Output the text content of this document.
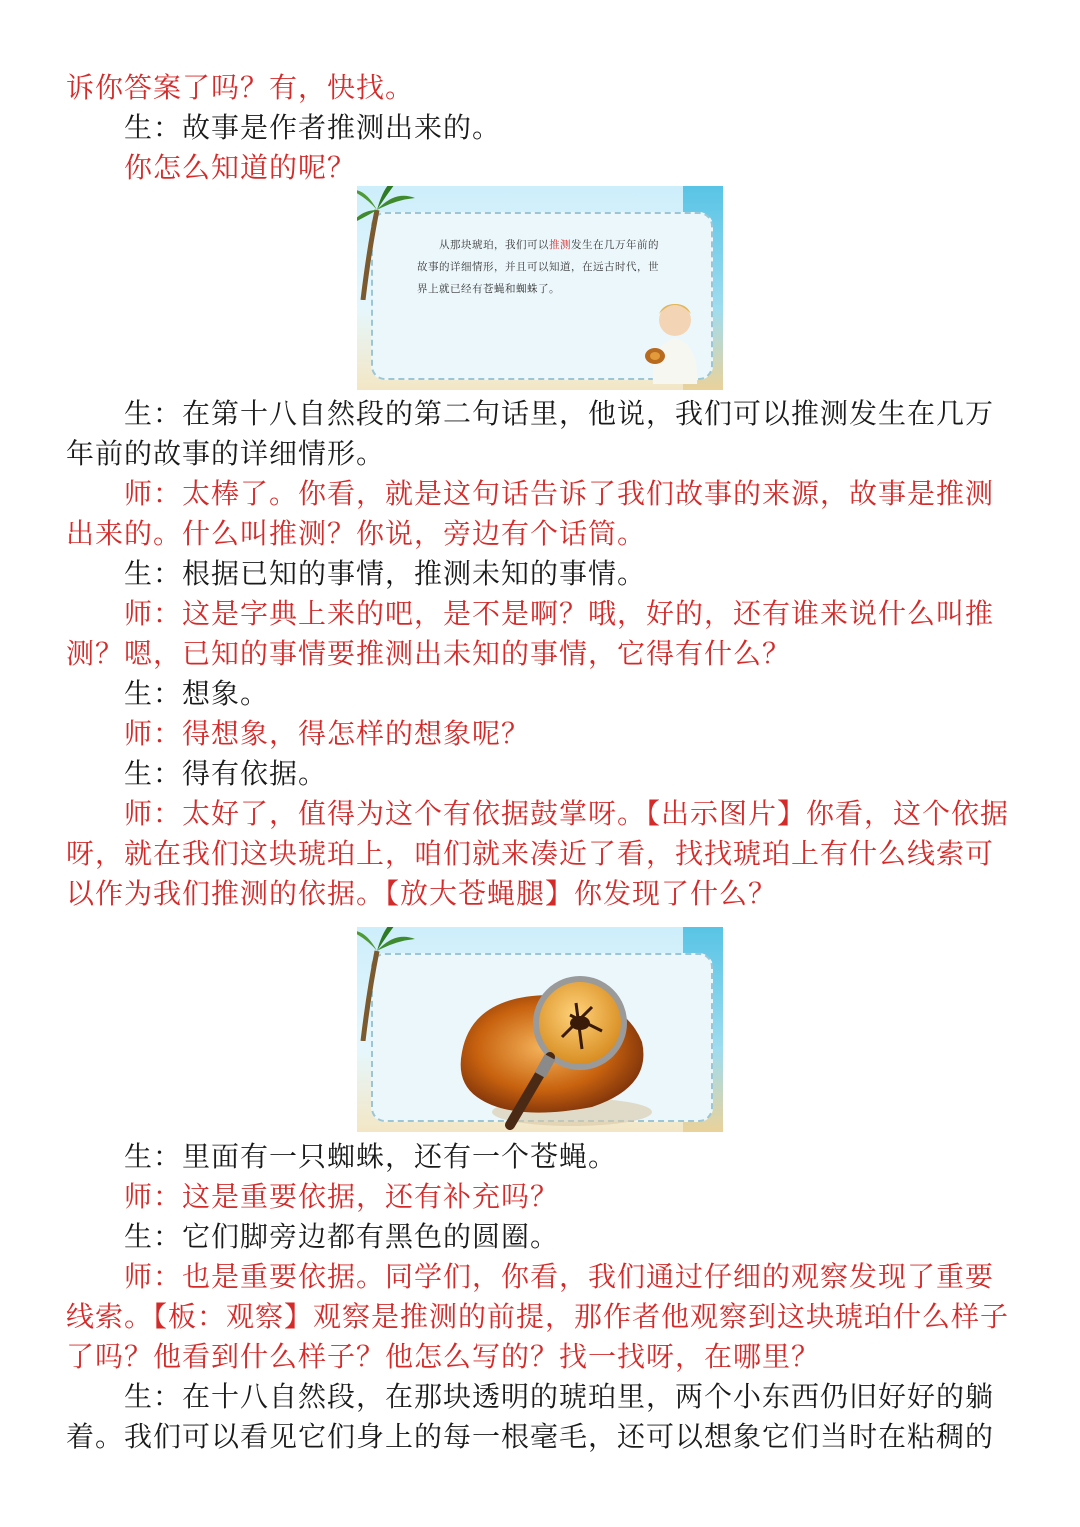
诉你答案了吗？有，快找。

生：故事是作者推测出来的。

你怎么知道的呢？

从那块琥珀，我们可以推测发生在几万年前的故事的详细情形，并且可以知道，在远古时代，世界上就已经有苍蝇和蜘蛛了。

生：在第十八自然段的第二句话里，他说，我们可以推测发生在几万年前的故事的详细情形。

师：太棒了。你看，就是这句话告诉了我们故事的来源，故事是推测出来的。什么叫推测？你说，旁边有个话筒。

生：根据已知的事情，推测未知的事情。

师：这是字典上来的吧，是不是啊？哦，好的，还有谁来说什么叫推测？嗯，已知的事情要推测出未知的事情，它得有什么？

生：想象。

师：得想象，得怎样的想象呢？

生：得有依据。

师：太好了，值得为这个有依据鼓掌呀。【出示图片】你看，这个依据呀，就在我们这块琥珀上，咱们就来凑近了看，找找琥珀上有什么线索可以作为我们推测的依据。【放大苍蝇腿】你发现了什么？

生：里面有一只蜘蛛，还有一个苍蝇。

师：这是重要依据，还有补充吗？

生：它们脚旁边都有黑色的圆圈。

师：也是重要依据。同学们，你看，我们通过仔细的观察发现了重要线索。【板：观察】观察是推测的前提，那作者他观察到这块琥珀什么样子了吗？他看到什么样子？他怎么写的？找一找呀，在哪里？

生：在十八自然段，在那块透明的琥珀里，两个小东西仍旧好好的躺着。我们可以看见它们身上的每一根毫毛，还可以想象它们当时在粘稠的
